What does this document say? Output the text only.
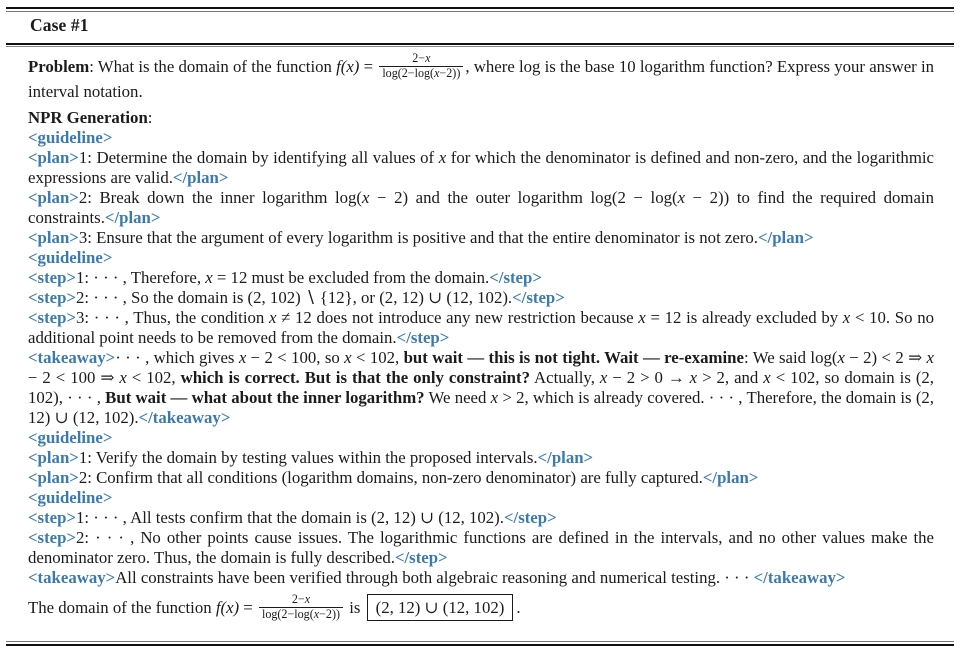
Case #1

Problem: What is the domain of the function $f(x) = \frac{2-x}{\log(2-\log(x-2))}$ , where log is the base 10 logarithm function? Express your answer in interval notation.

NPR Generation:

<guideline>

<plan>1: Determine the domain by identifying all values of x for which the denominator is defined and non-zero, and the logarithmic expressions are valid.</plan>

<plan>2: Break down the inner logarithm log(x − 2) and the outer logarithm log(2 − log(x − 2)) to find the required domain constraints.</plan>

<plan>3: Ensure that the argument of every logarithm is positive and that the entire denominator is not zero.</plan>

<guideline>

<step>1: · · · , Therefore, x = 12 must be excluded from the domain.</step>

<step>2: · · · , So the domain is (2, 102) ∖ {12}, or (2, 12) ∪ (12, 102).</step>

<step>3: · · · , Thus, the condition x ≠ 12 does not introduce any new restriction because x = 12 is already excluded by x < 10. So no additional point needs to be removed from the domain.</step>

<takeaway>· · · , which gives x − 2 < 100, so x < 102, but wait — this is not tight. Wait — re-examine: We said log(x − 2) < 2 ⇒ x − 2 < 100 ⇒ x < 102, which is correct. But is that the only constraint? Actually, x − 2 > 0 → x > 2, and x < 102, so domain is (2, 102), · · · , But wait — what about the inner logarithm? We need x > 2, which is already covered. · · · , Therefore, the domain is (2, 12) ∪ (12, 102).</takeaway>

<guideline>

<plan>1: Verify the domain by testing values within the proposed intervals.</plan>

<plan>2: Confirm that all conditions (logarithm domains, non-zero denominator) are fully captured.</plan>

<guideline>

<step>1: · · · , All tests confirm that the domain is (2, 12) ∪ (12, 102).</step>

<step>2: · · · , No other points cause issues. The logarithmic functions are defined in the intervals, and no other values make the denominator zero. Thus, the domain is fully described.</step>

<takeaway>All constraints have been verified through both algebraic reasoning and numerical testing. · · · </takeaway>

The domain of the function $f(x) = \frac{2-x}{\log(2-\log(x-2))}$ is (2, 12) ∪ (12, 102) .
